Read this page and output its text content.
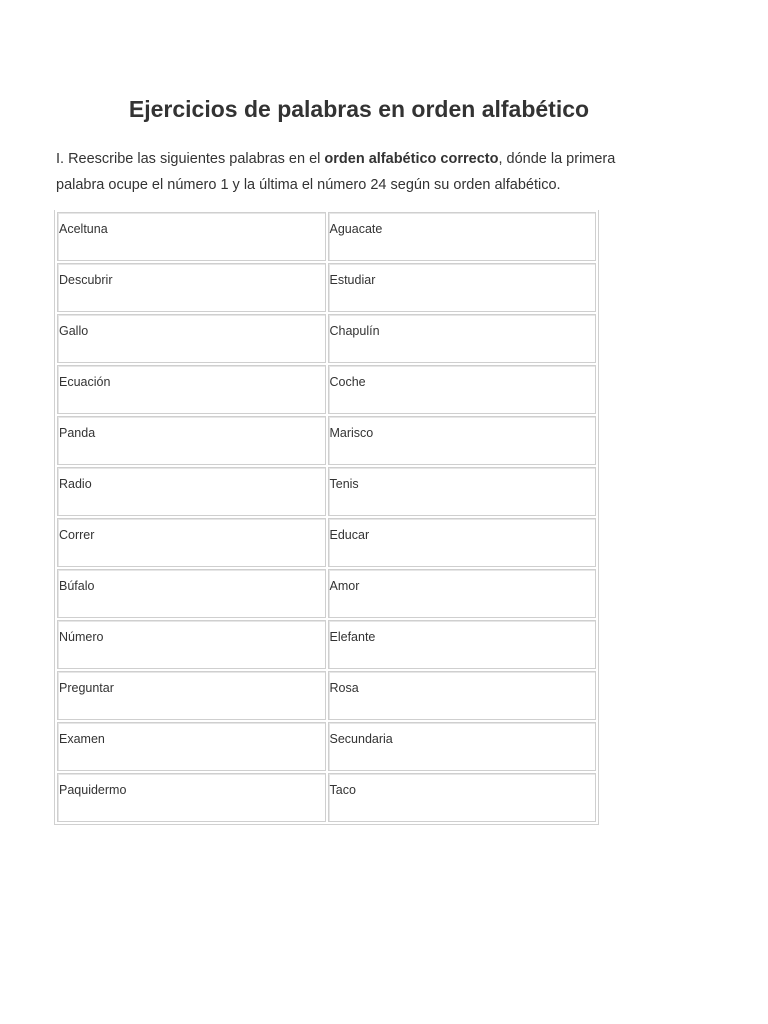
Ejercicios de palabras en orden alfabético

I. Reescribe las siguientes palabras en el orden alfabético correcto, dónde la primera palabra ocupe el número 1 y la última el número 24 según su orden alfabético.

Aceltuna	Aguacate
Descubrir	Estudiar
Gallo	Chapulín
Ecuación	Coche
Panda	Marisco
Radio	Tenis
Correr	Educar
Búfalo	Amor
Número	Elefante
Preguntar	Rosa
Examen	Secundaria
Paquidermo	Taco
